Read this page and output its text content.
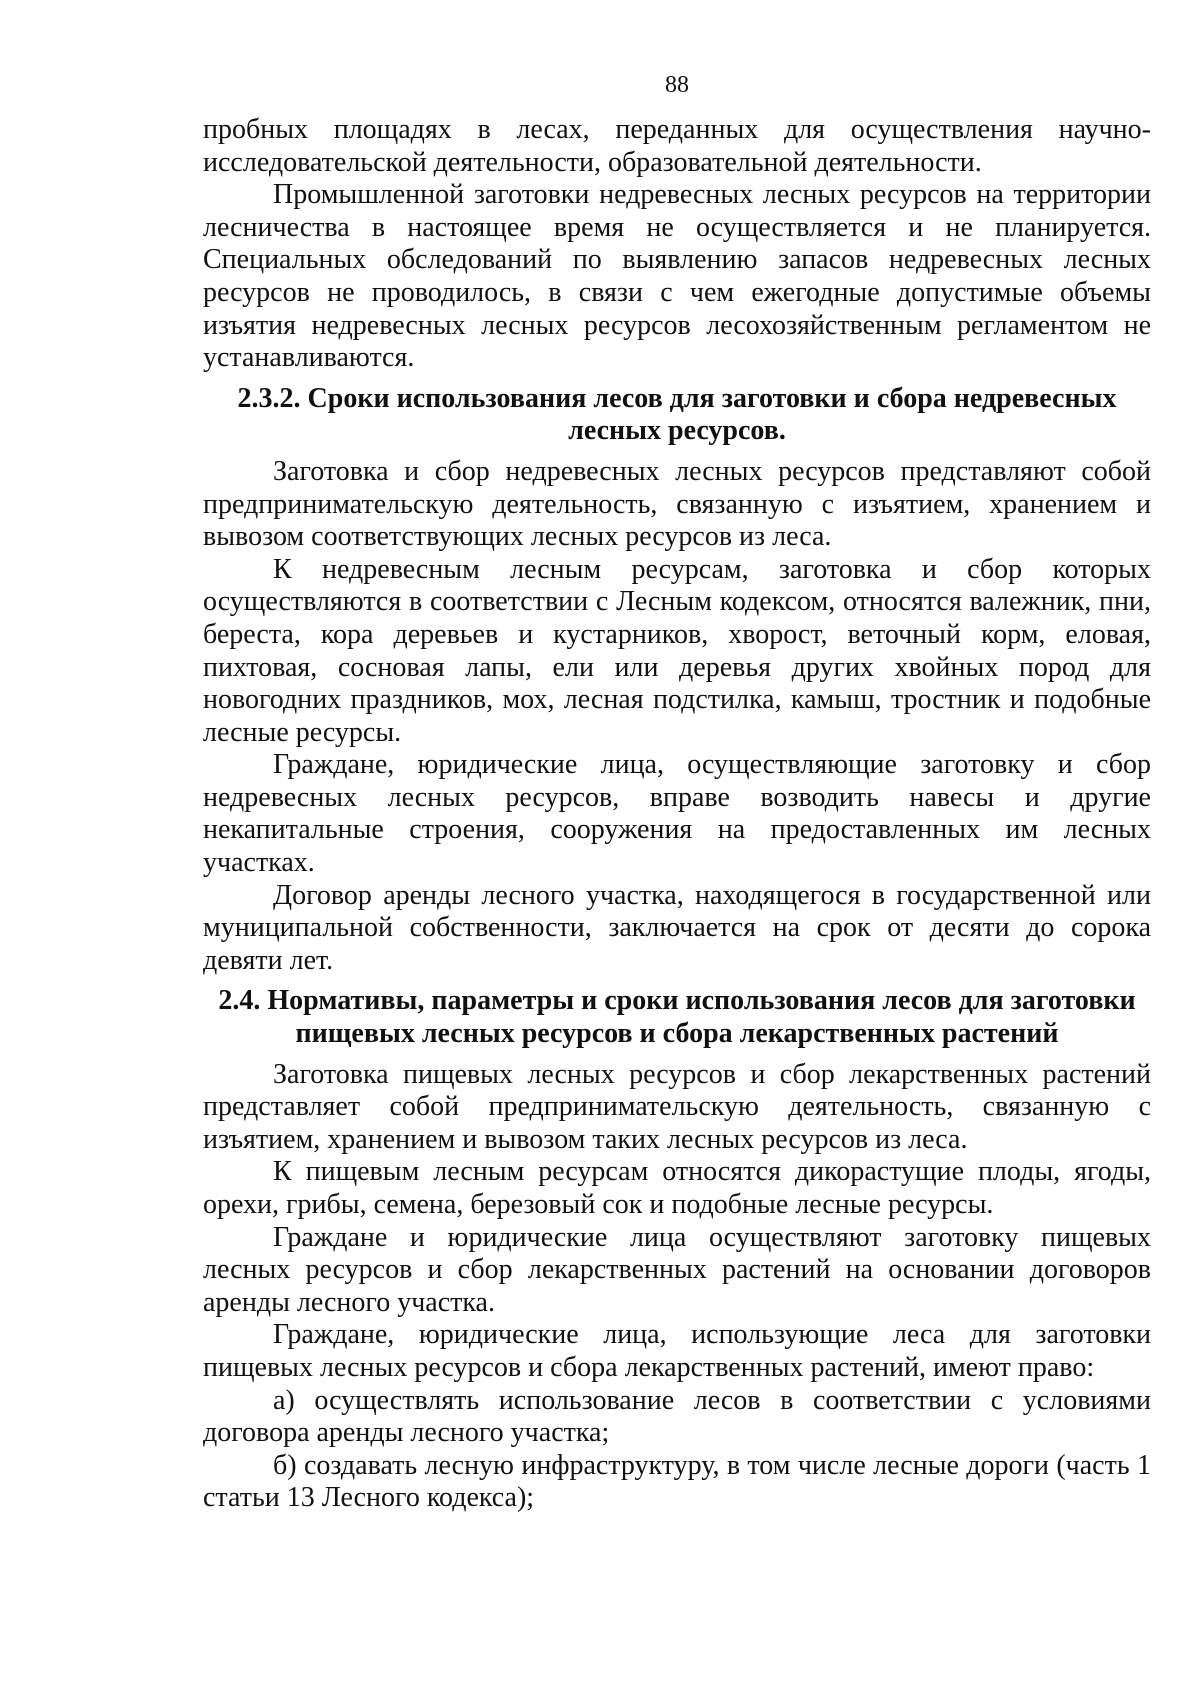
88

пробных площадях в лесах, переданных для осуществления научно-исследовательской деятельности, образовательной деятельности.

Промышленной заготовки недревесных лесных ресурсов на территории лесничества в настоящее время не осуществляется и не планируется. Специальных обследований по выявлению запасов недревесных лесных ресурсов не проводилось, в связи с чем ежегодные допустимые объемы изъятия недревесных лесных ресурсов лесохозяйственным регламентом не устанавливаются.

2.3.2. Сроки использования лесов для заготовки и сбора недревесных
лесных ресурсов.

Заготовка и сбор недревесных лесных ресурсов представляют собой предпринимательскую деятельность, связанную с изъятием, хранением и вывозом соответствующих лесных ресурсов из леса.

К недревесным лесным ресурсам, заготовка и сбор которых осуществляются в соответствии с Лесным кодексом, относятся валежник, пни, береста, кора деревьев и кустарников, хворост, веточный корм, еловая, пихтовая, сосновая лапы, ели или деревья других хвойных пород для новогодних праздников, мох, лесная подстилка, камыш, тростник и подобные лесные ресурсы.

Граждане, юридические лица, осуществляющие заготовку и сбор недревесных лесных ресурсов, вправе возводить навесы и другие некапитальные строения, сооружения на предоставленных им лесных участках.

Договор аренды лесного участка, находящегося в государственной или муниципальной собственности, заключается на срок от десяти до сорока девяти лет.

2.4. Нормативы, параметры и сроки использования лесов для заготовки
пищевых лесных ресурсов и сбора лекарственных растений

Заготовка пищевых лесных ресурсов и сбор лекарственных растений представляет собой предпринимательскую деятельность, связанную с изъятием, хранением и вывозом таких лесных ресурсов из леса.

К пищевым лесным ресурсам относятся дикорастущие плоды, ягоды, орехи, грибы, семена, березовый сок и подобные лесные ресурсы.

Граждане и юридические лица осуществляют заготовку пищевых лесных ресурсов и сбор лекарственных растений на основании договоров аренды лесного участка.

Граждане, юридические лица, использующие леса для заготовки пищевых лесных ресурсов и сбора лекарственных растений, имеют право:

а) осуществлять использование лесов в соответствии с условиями договора аренды лесного участка;

б) создавать лесную инфраструктуру, в том числе лесные дороги (часть 1 статьи 13 Лесного кодекса);
